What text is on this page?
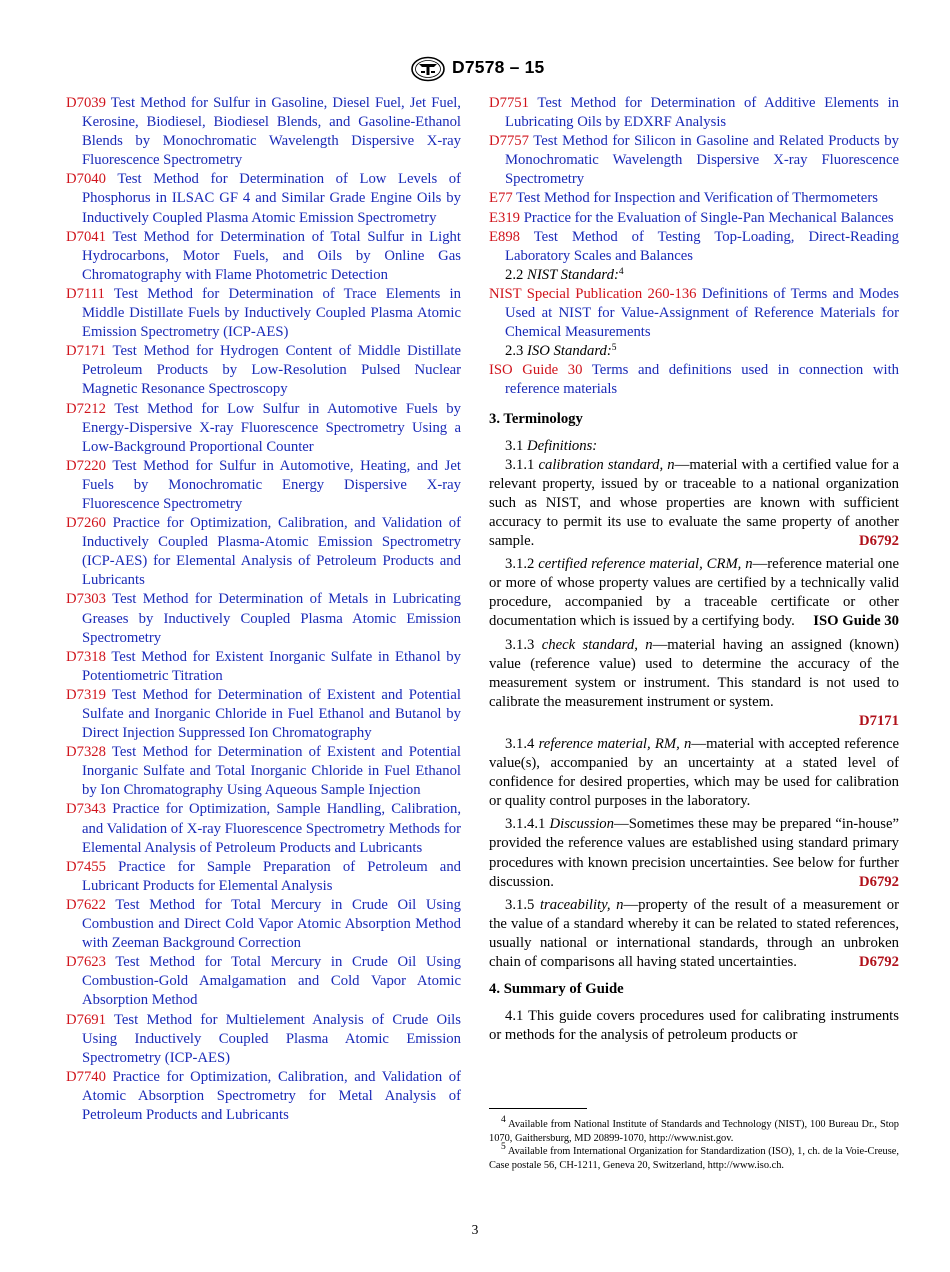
D7578 – 15
D7039 Test Method for Sulfur in Gasoline, Diesel Fuel, Jet Fuel, Kerosine, Biodiesel, Biodiesel Blends, and Gasoline-Ethanol Blends by Monochromatic Wavelength Dispersive X-ray Fluorescence Spectrometry
D7040 Test Method for Determination of Low Levels of Phosphorus in ILSAC GF 4 and Similar Grade Engine Oils by Inductively Coupled Plasma Atomic Emission Spectrometry
D7041 Test Method for Determination of Total Sulfur in Light Hydrocarbons, Motor Fuels, and Oils by Online Gas Chromatography with Flame Photometric Detection
D7111 Test Method for Determination of Trace Elements in Middle Distillate Fuels by Inductively Coupled Plasma Atomic Emission Spectrometry (ICP-AES)
D7171 Test Method for Hydrogen Content of Middle Distillate Petroleum Products by Low-Resolution Pulsed Nuclear Magnetic Resonance Spectroscopy
D7212 Test Method for Low Sulfur in Automotive Fuels by Energy-Dispersive X-ray Fluorescence Spectrometry Using a Low-Background Proportional Counter
D7220 Test Method for Sulfur in Automotive, Heating, and Jet Fuels by Monochromatic Energy Dispersive X-ray Fluorescence Spectrometry
D7260 Practice for Optimization, Calibration, and Validation of Inductively Coupled Plasma-Atomic Emission Spectrometry (ICP-AES) for Elemental Analysis of Petroleum Products and Lubricants
D7303 Test Method for Determination of Metals in Lubricating Greases by Inductively Coupled Plasma Atomic Emission Spectrometry
D7318 Test Method for Existent Inorganic Sulfate in Ethanol by Potentiometric Titration
D7319 Test Method for Determination of Existent and Potential Sulfate and Inorganic Chloride in Fuel Ethanol and Butanol by Direct Injection Suppressed Ion Chromatography
D7328 Test Method for Determination of Existent and Potential Inorganic Sulfate and Total Inorganic Chloride in Fuel Ethanol by Ion Chromatography Using Aqueous Sample Injection
D7343 Practice for Optimization, Sample Handling, Calibration, and Validation of X-ray Fluorescence Spectrometry Methods for Elemental Analysis of Petroleum Products and Lubricants
D7455 Practice for Sample Preparation of Petroleum and Lubricant Products for Elemental Analysis
D7622 Test Method for Total Mercury in Crude Oil Using Combustion and Direct Cold Vapor Atomic Absorption Method with Zeeman Background Correction
D7623 Test Method for Total Mercury in Crude Oil Using Combustion-Gold Amalgamation and Cold Vapor Atomic Absorption Method
D7691 Test Method for Multielement Analysis of Crude Oils Using Inductively Coupled Plasma Atomic Emission Spectrometry (ICP-AES)
D7740 Practice for Optimization, Calibration, and Validation of Atomic Absorption Spectrometry for Metal Analysis of Petroleum Products and Lubricants
D7751 Test Method for Determination of Additive Elements in Lubricating Oils by EDXRF Analysis
D7757 Test Method for Silicon in Gasoline and Related Products by Monochromatic Wavelength Dispersive X-ray Fluorescence Spectrometry
E77 Test Method for Inspection and Verification of Thermometers
E319 Practice for the Evaluation of Single-Pan Mechanical Balances
E898 Test Method of Testing Top-Loading, Direct-Reading Laboratory Scales and Balances
2.2 NIST Standard:$^4$
NIST Special Publication 260-136 Definitions of Terms and Modes Used at NIST for Value-Assignment of Reference Materials for Chemical Measurements
2.3 ISO Standard:$^5$
ISO Guide 30 Terms and definitions used in connection with reference materials
3. Terminology
3.1 Definitions:
3.1.1 calibration standard, n—material with a certified value for a relevant property, issued by or traceable to a national organization such as NIST, and whose properties are known with sufficient accuracy to permit its use to evaluate the same property of another sample.	D6792
3.1.2 certified reference material, CRM, n—reference material one or more of whose property values are certified by a technically valid procedure, accompanied by a traceable certificate or other documentation which is issued by a certifying body.	ISO Guide 30
3.1.3 check standard, n—material having an assigned (known) value (reference value) used to determine the accuracy of the measurement system or instrument. This standard is not used to calibrate the measurement instrument or system.
D7171
3.1.4 reference material, RM, n—material with accepted reference value(s), accompanied by an uncertainty at a stated level of confidence for desired properties, which may be used for calibration or quality control purposes in the laboratory.
3.1.4.1 Discussion—Sometimes these may be prepared “in-house” provided the reference values are established using standard primary procedures with known precision uncertainties. See below for further discussion.	D6792
3.1.5 traceability, n—property of the result of a measurement or the value of a standard whereby it can be related to stated references, usually national or international standards, through an unbroken chain of comparisons all having stated uncertainties.	D6792
4. Summary of Guide
4.1 This guide covers procedures used for calibrating instruments or methods for the analysis of petroleum products or
$^4$ Available from National Institute of Standards and Technology (NIST), 100 Bureau Dr., Stop 1070, Gaithersburg, MD 20899-1070, http://www.nist.gov.
$^5$ Available from International Organization for Standardization (ISO), 1, ch. de la Voie-Creuse, Case postale 56, CH-1211, Geneva 20, Switzerland, http://www.iso.ch.
3
